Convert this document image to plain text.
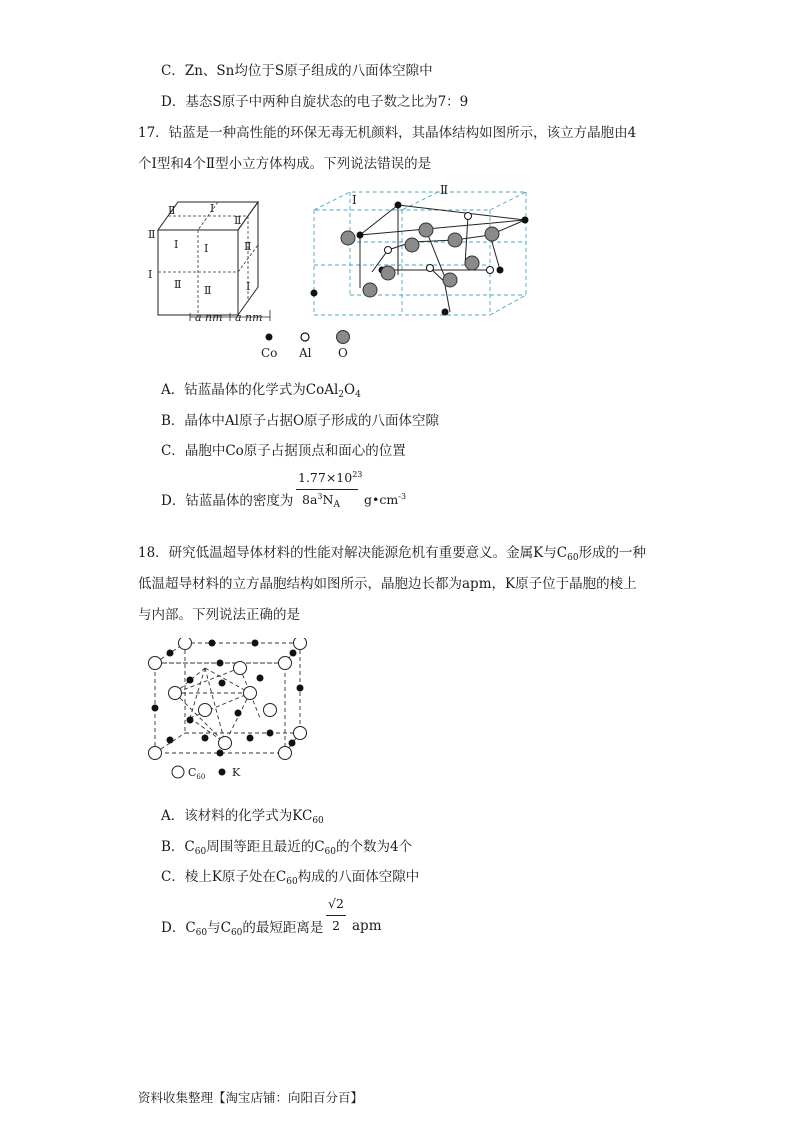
C．Zn、Sn均位于S原子组成的八面体空隙中
D．基态S原子中两种自旋状态的电子数之比为7：9
17．钴蓝是一种高性能的环保无毒无机颜料，其晶体结构如图所示，该立方晶胞由4
个Ⅰ型和4个Ⅱ型小立方体构成。下列说法错误的是
Ⅱ	Ⅰ
Ⅱ
Ⅱ
Ⅰ Ⅰ	Ⅱ
Ⅰ
Ⅱ Ⅱ	Ⅰ
a nm a nm
Ⅰ
Ⅱ
Co Al O
A．钴蓝晶体的化学式为$CoAl_2O_4$
B．晶体中Al原子占据O原子形成的八面体空隙
C．晶胞中Co原子占据顶点和面心的位置
D．钴蓝晶体的密度为
$1.77\times 10^{23}$
$8a^3N_A$ $g•cm^{-3}$
18．研究低温超导体材料的性能对解决能源危机有重要意义。金属K与$C_{60}$形成的一种
低温超导材料的立方晶胞结构如图所示，晶胞边长都为apm，K原子位于晶胞的棱上
与内部。下列说法正确的是
$C_{60}$ K
A．该材料的化学式为$KC_{60}$
B．$C_{60}$周围等距且最近的$C_{60}$的个数为4个
C．棱上K原子处在$C_{60}$构成的八面体空隙中
D．$C_{60}$与$C_{60}$的最短距离是
√2
2 apm
资料收集整理【淘宝店铺：向阳百分百】
